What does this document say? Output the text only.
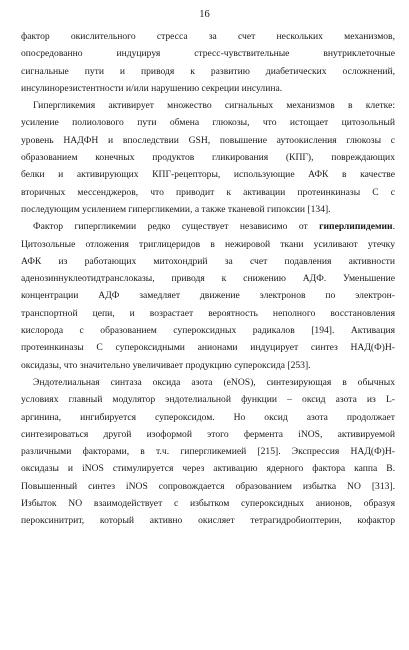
16
фактор окислительного стресса за счет нескольких механизмов,
опосредованно индуцируя стресс-чувствительные внутриклеточные
сигнальные пути и приводя к развитию диабетических осложнений,
инсулинорезистентности и/или нарушению секреции инсулина.
Гипергликемия активирует множество сигнальных механизмов в клетке:
усиление полиолового пути обмена глюкозы, что истощает цитозольный
уровень НАДФН и впоследствии GSH, повышение аутоокисления глюкозы с
образованием конечных продуктов гликирования (КПГ), повреждающих
белки и активирующих КПГ-рецепторы, использующие АФК в качестве
вторичных мессенджеров, что приводит к активации протеинкиназы С с
последующим усилением гипергликемии, а также тканевой гипоксии [134].
Фактор гипергликемии редко существует независимо от гиперлипидемии.
Цитозольные отложения триглицеридов в нежировой ткани усиливают утечку
АФК из работающих митохондрий за счет подавления активности
аденозиннуклеотидтранслоказы, приводя к снижению АДФ. Уменьшение
концентрации АДФ замедляет движение электронов по электрон-
транспортной цепи, и возрастает вероятность неполного восстановления
кислорода с образованием супероксидных радикалов [194]. Активация
протеинкиназы С супероксидными анионами индуцирует синтез НАД(Ф)Н-
оксидазы, что значительно увеличивает продукцию супероксида [253].
Эндотелиальная синтаза оксида азота (eNOS), синтезирующая в обычных
условиях главный модулятор эндотелиальной функции – оксид азота из L-
аргинина, ингибируется супероксидом. Но оксид азота продолжает
синтезироваться другой изоформой этого фермента iNOS, активируемой
различными факторами, в т.ч. гипергликемией [215]. Экспрессия НАД(Ф)Н-
оксидазы и iNOS стимулируется через активацию ядерного фактора каппа В.
Повышенный синтез iNOS сопровождается образованием избытка NO [313].
Избыток NO взаимодействует с избытком супероксидных анионов, образуя
пероксинитрит, который активно окисляет тетрагидробиоптерин, кофактор
